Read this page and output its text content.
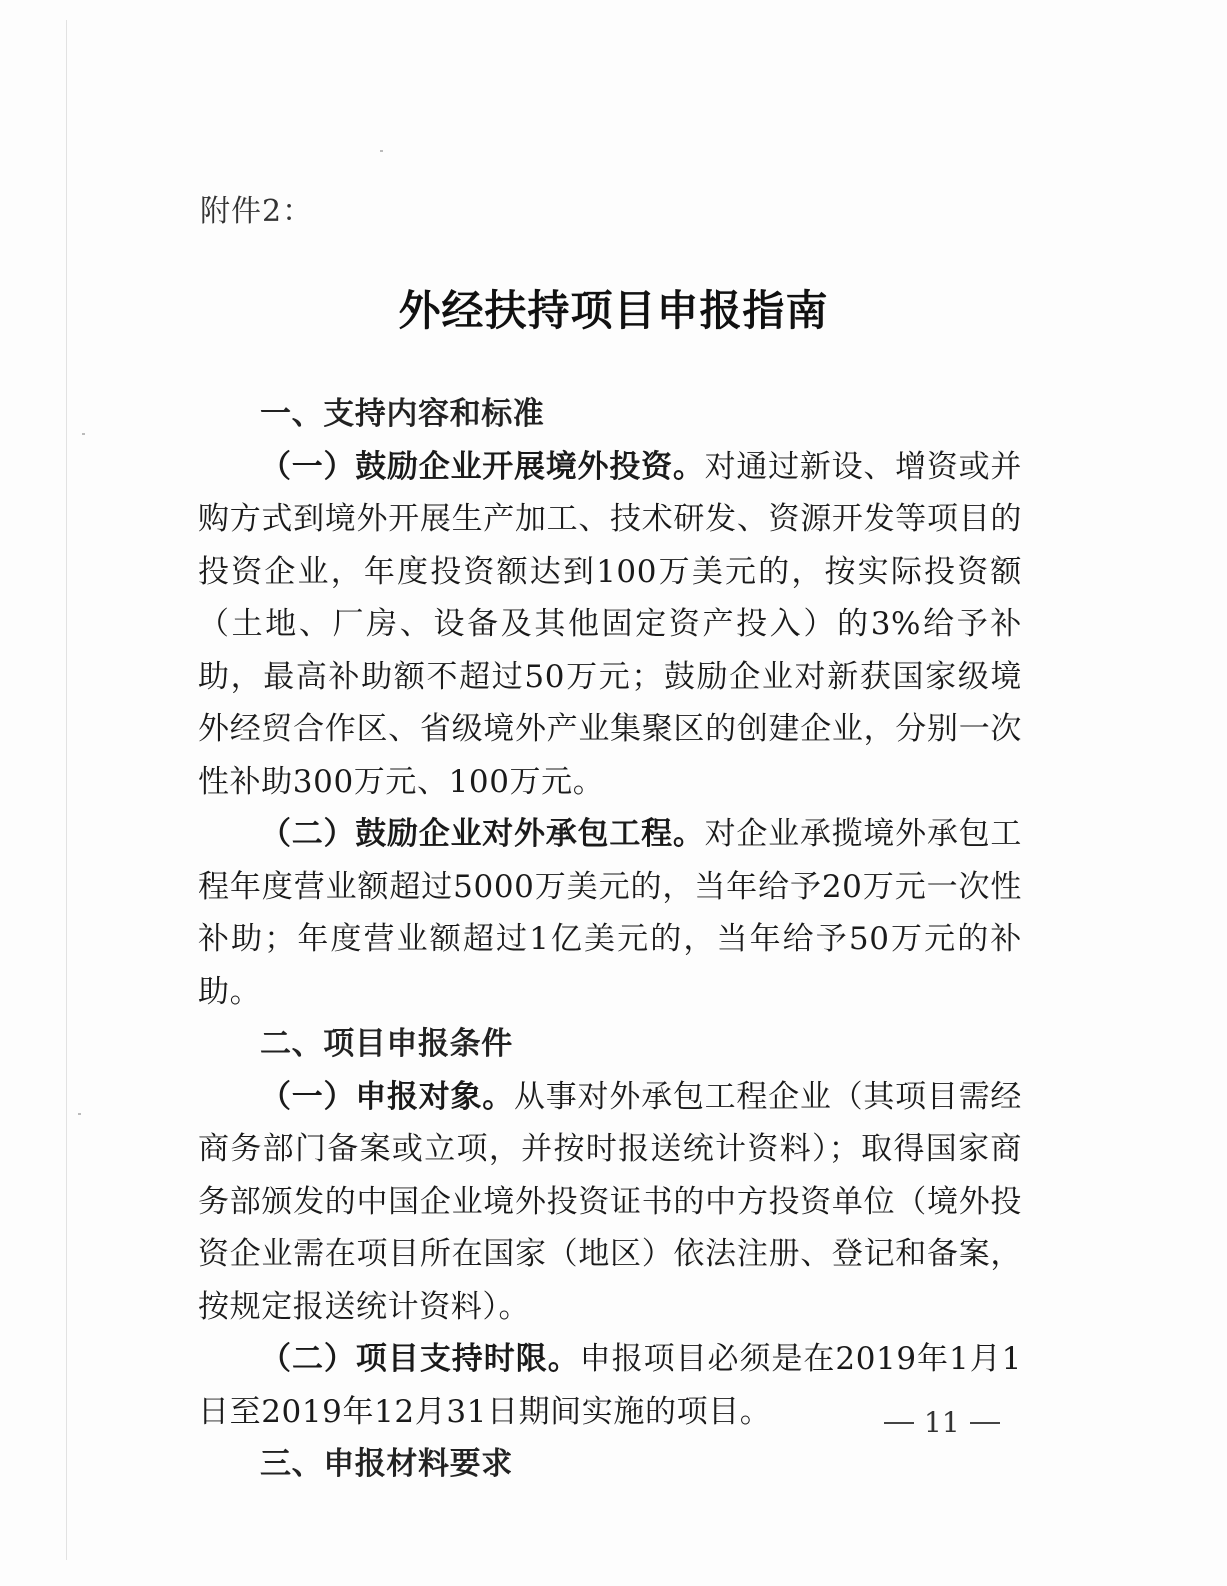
附件2：
外经扶持项目申报指南

一、支持内容和标准

（一）鼓励企业开展境外投资。对通过新设、增资或并购方式到境外开展生产加工、技术研发、资源开发等项目的投资企业，年度投资额达到100万美元的，按实际投资额（土地、厂房、设备及其他固定资产投入）的3%给予补助，最高补助额不超过50万元；鼓励企业对新获国家级境外经贸合作区、省级境外产业集聚区的创建企业，分别一次性补助300万元、100万元。

（二）鼓励企业对外承包工程。对企业承揽境外承包工程年度营业额超过5000万美元的，当年给予20万元一次性补助；年度营业额超过1亿美元的，当年给予50万元的补助。

二、项目申报条件

（一）申报对象。从事对外承包工程企业（其项目需经商务部门备案或立项，并按时报送统计资料）；取得国家商务部颁发的中国企业境外投资证书的中方投资单位（境外投资企业需在项目所在国家（地区）依法注册、登记和备案，按规定报送统计资料）。

（二）项目支持时限。申报项目必须是在2019年1月1日至2019年12月31日期间实施的项目。

三、申报材料要求

11
